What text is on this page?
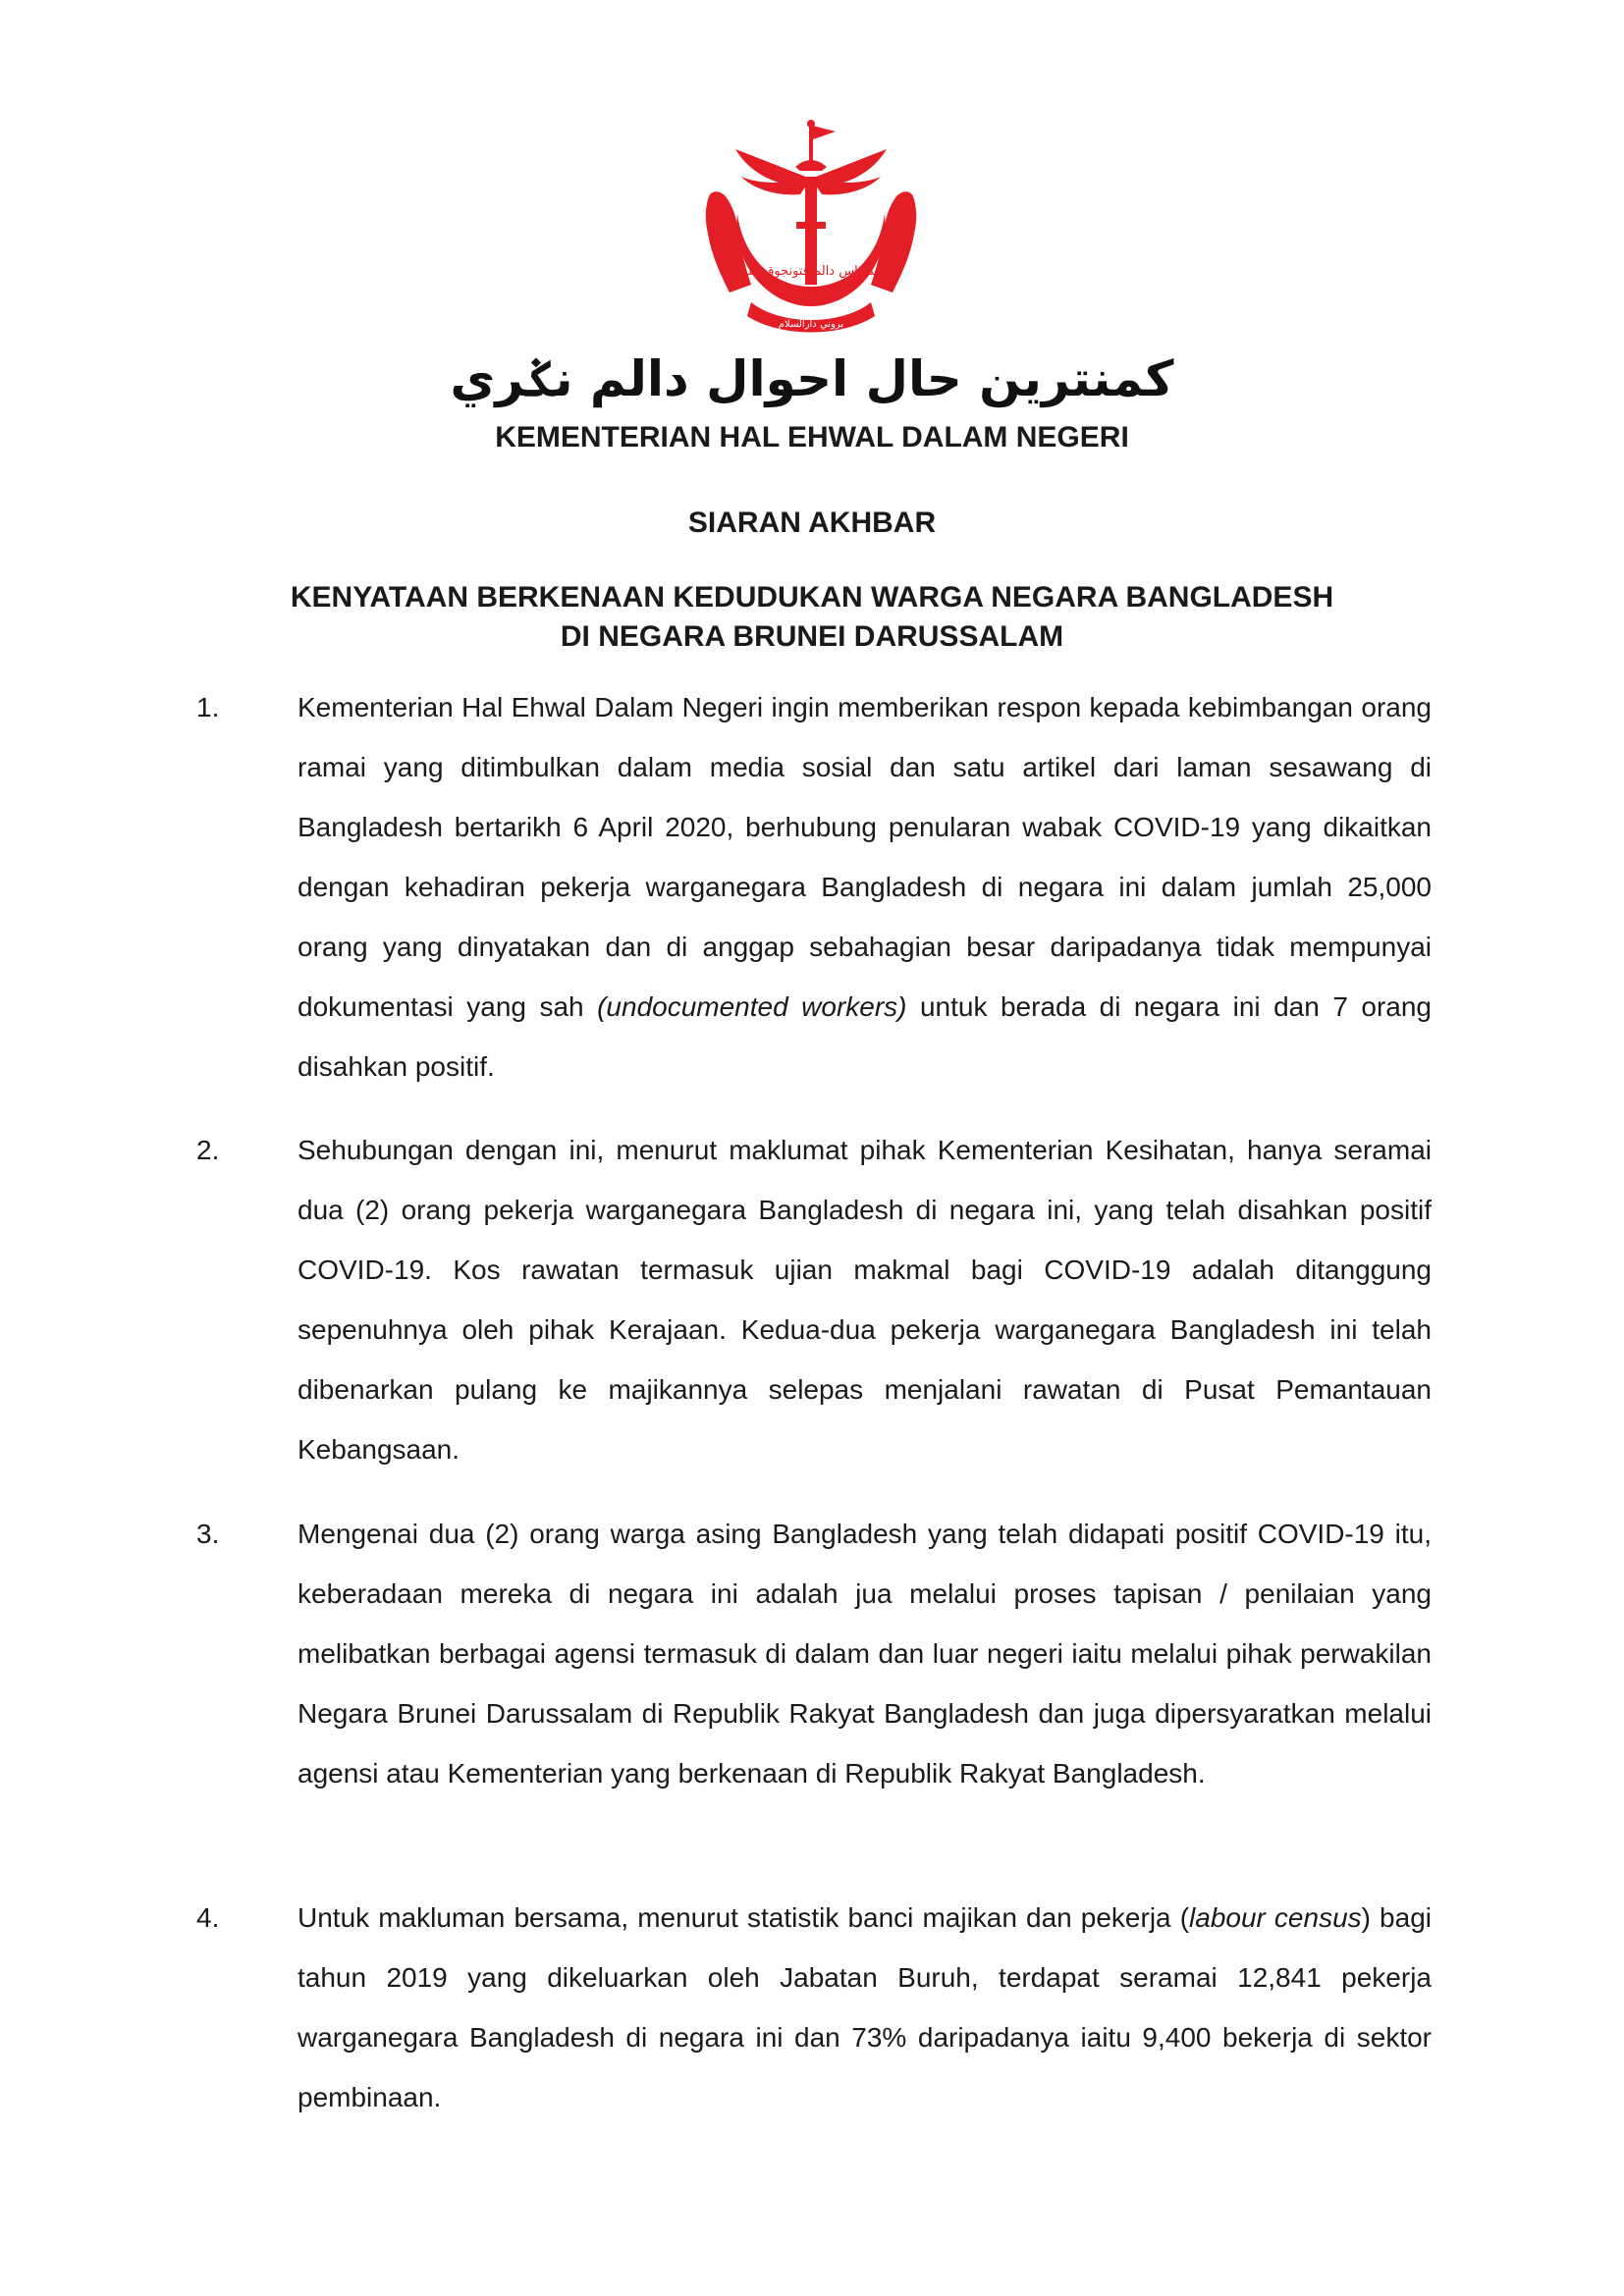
سنتياس دالم ڤتونجوق الله
بروني دارالسلام
كمنترين حال احوال دالم نݢري
KEMENTERIAN HAL EHWAL DALAM NEGERI
SIARAN AKHBAR
KENYATAAN BERKENAAN KEDUDUKAN WARGA NEGARA BANGLADESH
DI NEGARA BRUNEI DARUSSALAM
1.	Kementerian Hal Ehwal Dalam Negeri ingin memberikan respon kepada kebimbangan orang ramai yang ditimbulkan dalam media sosial dan satu artikel dari laman sesawang di Bangladesh bertarikh 6 April 2020, berhubung penularan wabak COVID-19 yang dikaitkan dengan kehadiran pekerja warganegara Bangladesh di negara ini dalam jumlah 25,000 orang yang dinyatakan dan di anggap sebahagian besar daripadanya tidak mempunyai dokumentasi yang sah (undocumented workers) untuk berada di negara ini dan 7 orang disahkan positif.
2.	Sehubungan dengan ini, menurut maklumat pihak Kementerian Kesihatan, hanya seramai dua (2) orang pekerja warganegara Bangladesh di negara ini, yang telah disahkan positif COVID-19. Kos rawatan termasuk ujian makmal bagi COVID-19 adalah ditanggung sepenuhnya oleh pihak Kerajaan. Kedua-dua pekerja warganegara Bangladesh ini telah dibenarkan pulang ke majikannya selepas menjalani rawatan di Pusat Pemantauan Kebangsaan.
3.	Mengenai dua (2) orang warga asing Bangladesh yang telah didapati positif COVID-19 itu, keberadaan mereka di negara ini adalah jua melalui proses tapisan / penilaian yang melibatkan berbagai agensi termasuk di dalam dan luar negeri iaitu melalui pihak perwakilan Negara Brunei Darussalam di Republik Rakyat Bangladesh dan juga dipersyaratkan melalui agensi atau Kementerian yang berkenaan di Republik Rakyat Bangladesh.
4.	Untuk makluman bersama, menurut statistik banci majikan dan pekerja (labour census) bagi tahun 2019 yang dikeluarkan oleh Jabatan Buruh, terdapat seramai 12,841 pekerja warganegara Bangladesh di negara ini dan 73% daripadanya iaitu 9,400 bekerja di sektor pembinaan.
